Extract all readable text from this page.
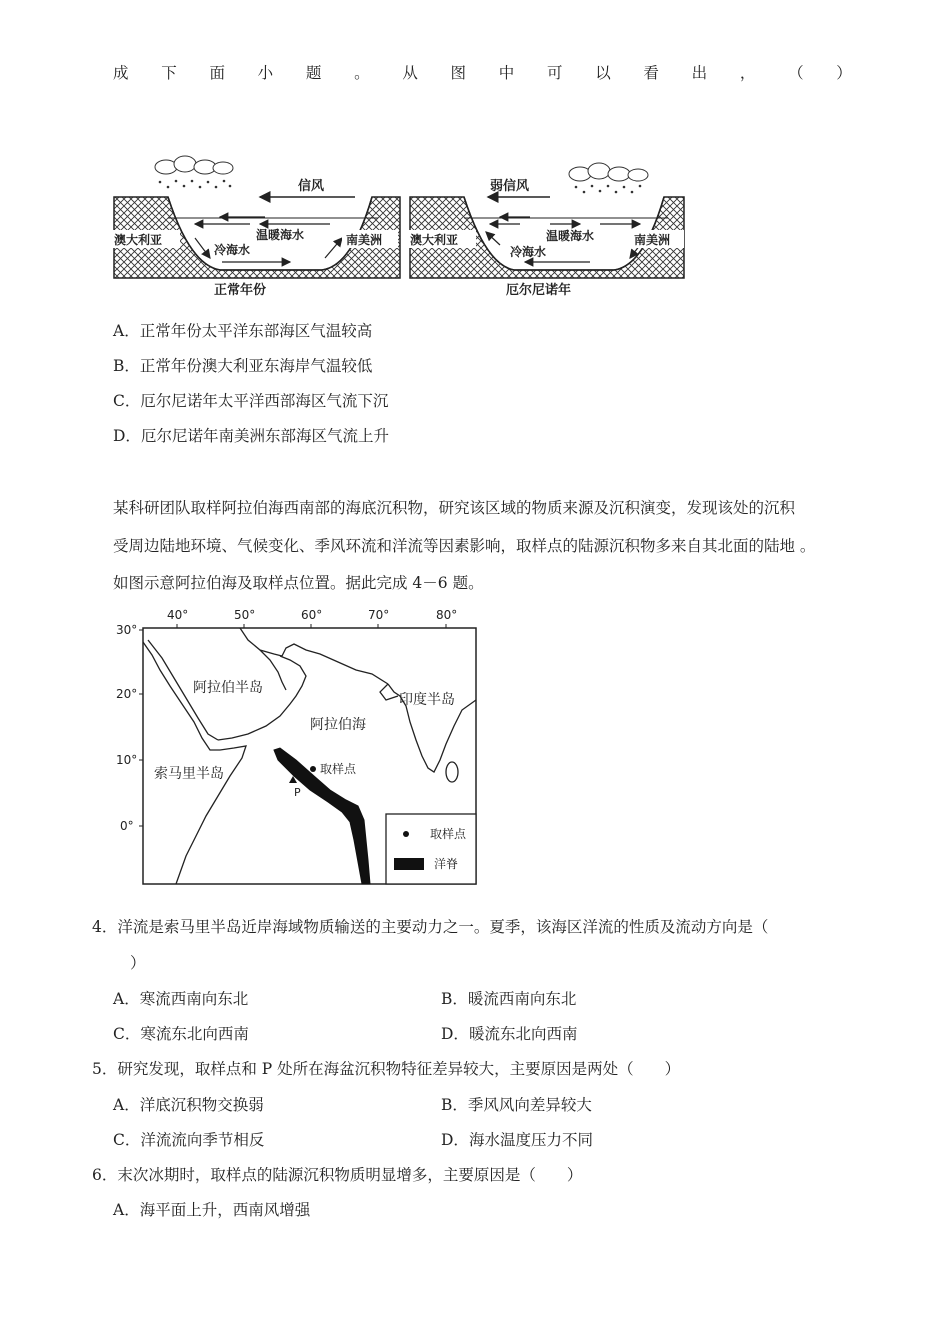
成 下 面 小 题 。 从 图 中 可 以 看 出 ， （ ）
信风
温暖海水
冷海水
澳大利亚	南美洲
正常年份
弱信风
温暖海水
冷海水
澳大利亚	南美洲
厄尔尼诺年
A．正常年份太平洋东部海区气温较高
B．正常年份澳大利亚东海岸气温较低
C．厄尔尼诺年太平洋西部海区气流下沉
D．厄尔尼诺年南美洲东部海区气流上升
某科研团队取样阿拉伯海西南部的海底沉积物，研究该区域的物质来源及沉积演变，发现该处的沉积
受周边陆地环境、气候变化、季风环流和洋流等因素影响，取样点的陆源沉积物多来自其北面的陆地 。
如图示意阿拉伯海及取样点位置。据此完成 4－6 题。
40°	50°	60°	70°	80°
30°
20°
10°
0°
取样点
P
阿拉伯半岛
印度半岛
阿拉伯海
索马里半岛
取样点
洋脊
4．洋流是索马里半岛近岸海域物质输送的主要动力之一。夏季，该海区洋流的性质及流动方向是（
）
A．寒流西南向东北	B．暖流西南向东北
C．寒流东北向西南	D．暖流东北向西南
5．研究发现，取样点和 P 处所在海盆沉积物特征差异较大，主要原因是两处（　　）
A．洋底沉积物交换弱	B．季风风向差异较大
C．洋流流向季节相反	D．海水温度压力不同
6．末次冰期时，取样点的陆源沉积物质明显增多，主要原因是（　　）
A．海平面上升，西南风增强
